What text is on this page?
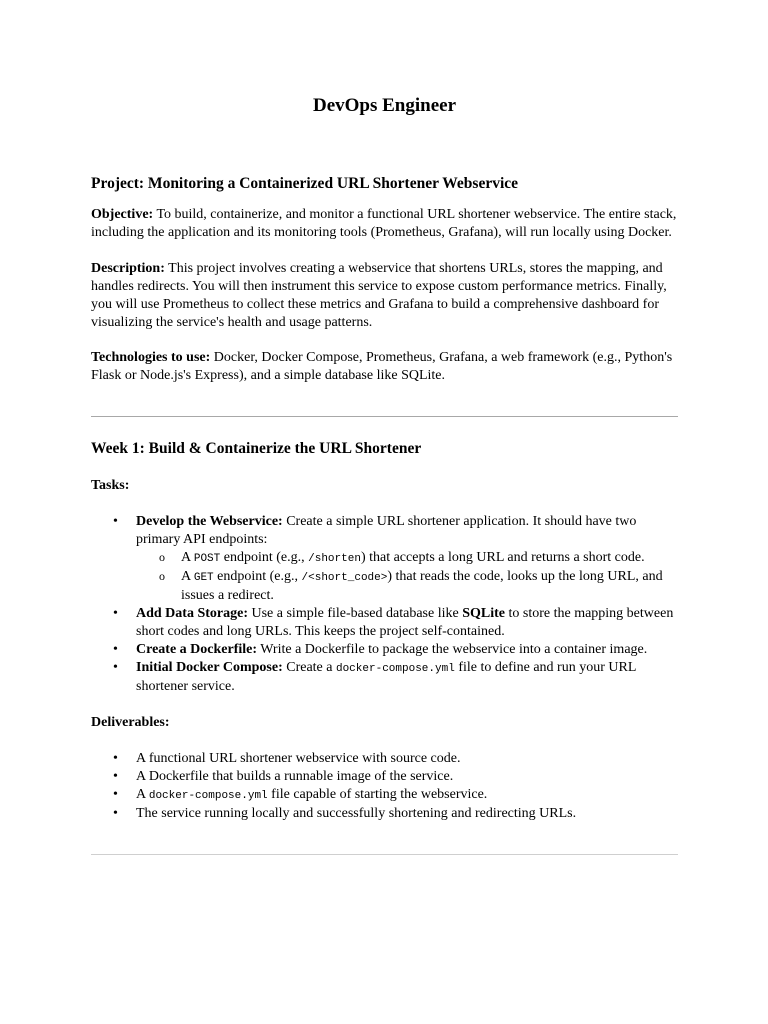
DevOps Engineer
Project: Monitoring a Containerized URL Shortener Webservice

Objective: To build, containerize, and monitor a functional URL shortener webservice. The entire stack, including the application and its monitoring tools (Prometheus, Grafana), will run locally using Docker.

Description: This project involves creating a webservice that shortens URLs, stores the mapping, and handles redirects. You will then instrument this service to expose custom performance metrics. Finally, you will use Prometheus to collect these metrics and Grafana to build a comprehensive dashboard for visualizing the service's health and usage patterns.

Technologies to use: Docker, Docker Compose, Prometheus, Grafana, a web framework (e.g., Python's Flask or Node.js's Express), and a simple database like SQLite.

Week 1: Build & Containerize the URL Shortener

Tasks:

• Develop the Webservice: Create a simple URL shortener application. It should have two primary API endpoints:
o A POST endpoint (e.g., /shorten) that accepts a long URL and returns a short code.
o A GET endpoint (e.g., /<short_code>) that reads the code, looks up the long URL, and issues a redirect.
• Add Data Storage: Use a simple file-based database like SQLite to store the mapping between short codes and long URLs. This keeps the project self-contained.
• Create a Dockerfile: Write a Dockerfile to package the webservice into a container image.
• Initial Docker Compose: Create a docker-compose.yml file to define and run your URL shortener service.

Deliverables:

• A functional URL shortener webservice with source code.
• A Dockerfile that builds a runnable image of the service.
• A docker-compose.yml file capable of starting the webservice.
• The service running locally and successfully shortening and redirecting URLs.
